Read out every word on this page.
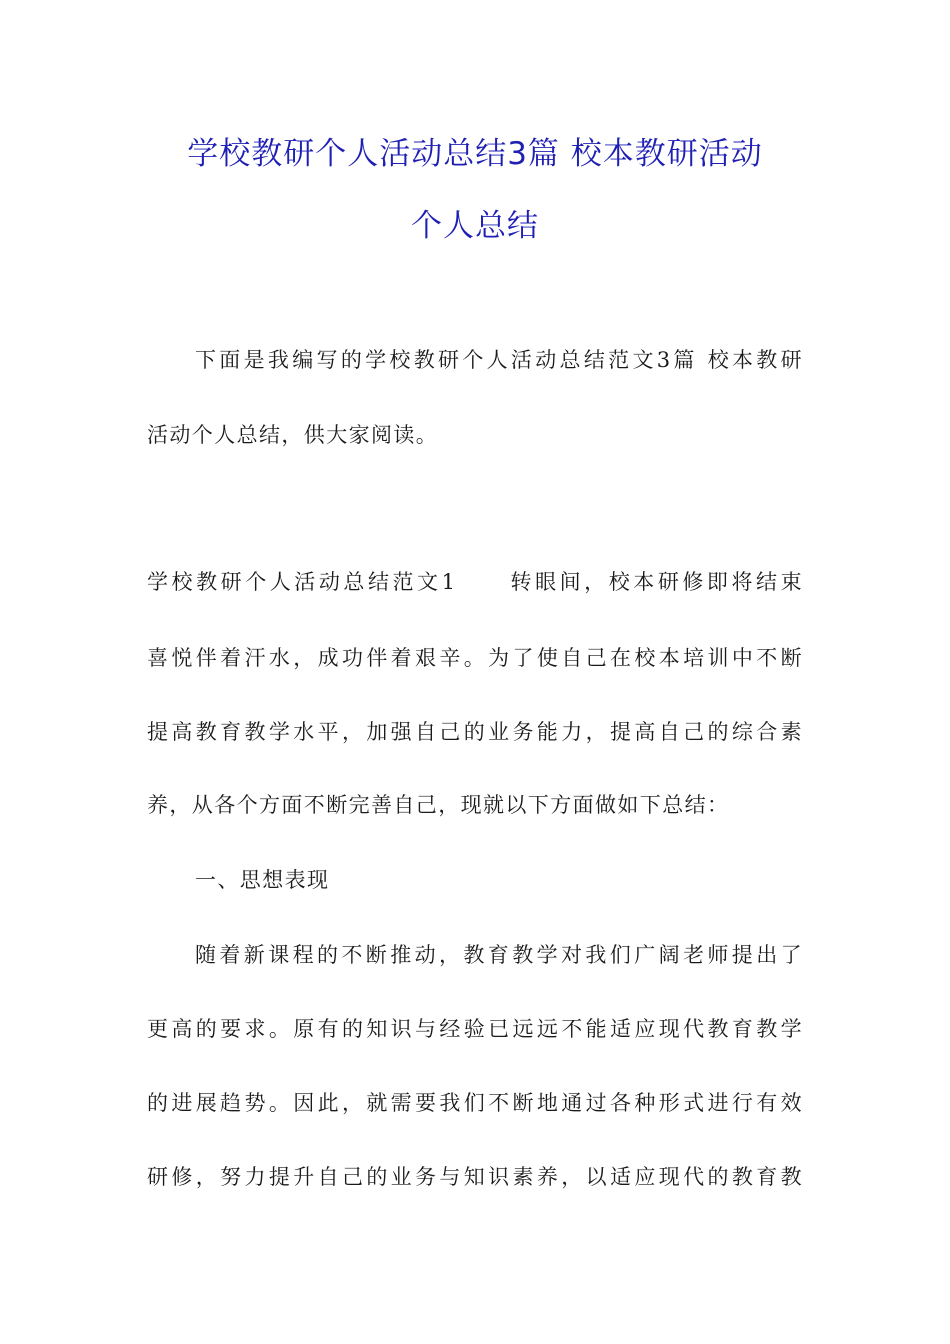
学校教研个人活动总结3篇 校本教研活动
个人总结
下面是我编写的学校教研个人活动总结范文3篇 校本教研
活动个人总结，供大家阅读。
学校教研个人活动总结范文1 转眼间，校本研修即将结束
喜悦伴着汗水，成功伴着艰辛。为了使自己在校本培训中不断
提高教育教学水平，加强自己的业务能力，提高自己的综合素
养，从各个方面不断完善自己，现就以下方面做如下总结：
一、思想表现
随着新课程的不断推动，教育教学对我们广阔老师提出了
更高的要求。原有的知识与经验已远远不能适应现代教育教学
的进展趋势。因此，就需要我们不断地通过各种形式进行有效
研修，努力提升自己的业务与知识素养，以适应现代的教育教
